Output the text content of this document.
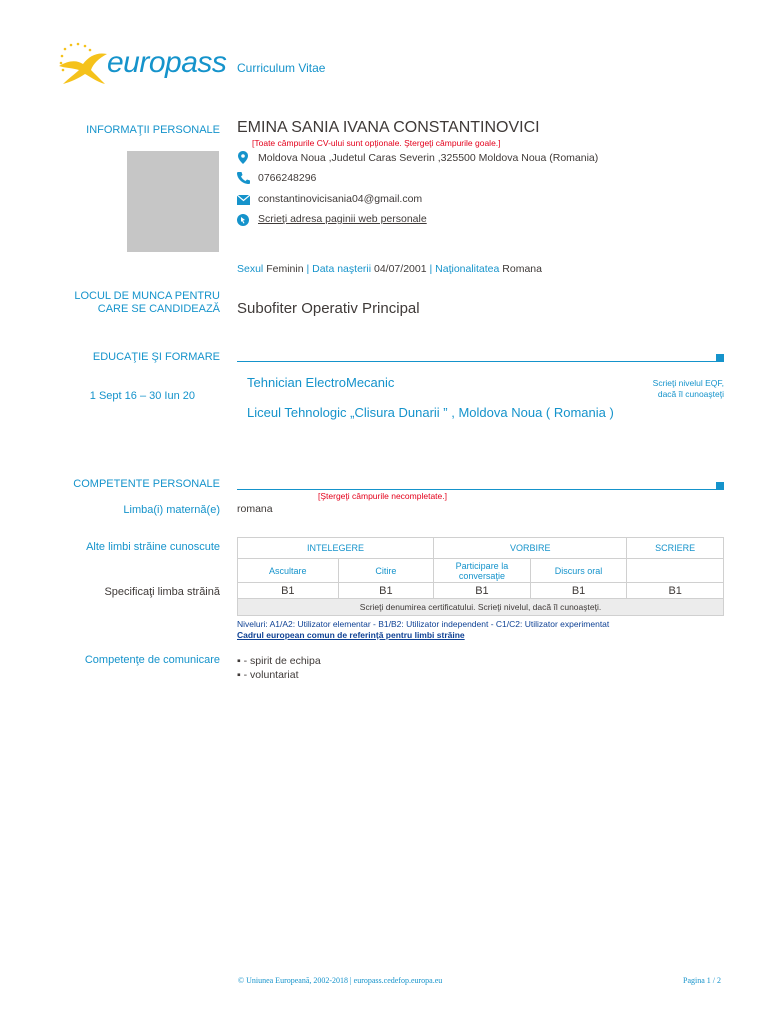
europass Curriculum Vitae
INFORMAŢII PERSONALE EMINA SANIA IVANA CONSTANTINOVICI
[Toate câmpurile CV-ului sunt opţionale. Ştergeţi câmpurile goale.]
Moldova Noua ,Judetul Caras Severin ,325500 Moldova Noua (Romania)
0766248296
constantinovicisania04@gmail.com
Scrieţi adresa paginii web personale
Sexul Feminin | Data naşterii 04/07/2001 | Naţionalitatea Romana
LOCUL DE MUNCA PENTRU
CARE SE CANDIDEAZĂ Subofiter Operativ Principal
EDUCAŢIE ŞI FORMARE
1 Sept 16 – 30 Iun 20
Tehnician ElectroMecanic
Liceul Tehnologic „Clisura Dunarii ” , Moldova Noua ( Romania )
Scrieţi nivelul EQF,
dacă îl cunoaşteţi
COMPETENTE PERSONALE
[Ştergeţi câmpurile necompletate.]
Limba(i) maternă(e) romana
Alte limbi străine cunoscute
Specificaţi limba străină
INTELEGERE		VORBIRE		SCRIERE
Ascultare	Citire	Participare la conversaţie	Discurs oral	
B1	B1	B1	B1	B1
Scrieţi denumirea certificatului. Scrieţi nivelul, dacă îl cunoaşteţi.				
Niveluri: A1/A2: Utilizator elementar - B1/B2: Utilizator independent - C1/C2: Utilizator experimentat
Cadrul european comun de referinţă pentru limbi străine
Competenţe de comunicare ▪ - spirit de echipa
▪ - voluntariat
© Uniunea Europeană, 2002-2018 | europass.cedefop.europa.eu	Pagina 1 / 2
